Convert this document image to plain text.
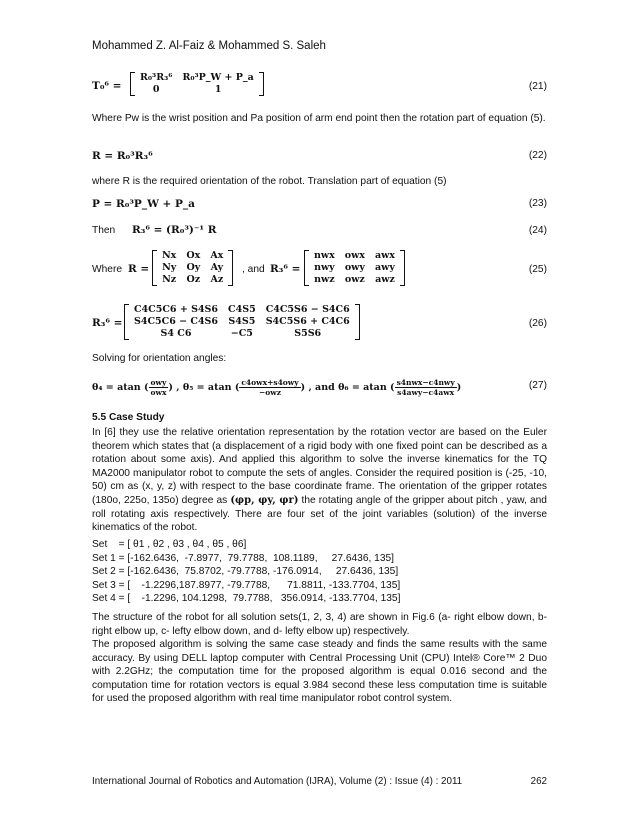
Mohammed Z. Al-Faiz & Mohammed S. Saleh
T₀⁶ =
R₀³R₃⁶	R₀³P_W + P_a
0	1	(21)
Where Pw is the wrist position and Pa position of arm end point then the rotation part of equation (5).
R = R₀³R₃⁶	(22)
where R is the required orientation of the robot. Translation part of equation (5)
P = R₀³P_W + P_a	(23)
Then R₃⁶ = (R₀³)⁻¹ R	(24)
Where R =
Nx	Ox	Ax
Ny	Oy	Ay
Nz	Oz	Az
, and R₃⁶ =
nwx	owx	awx
nwy	owy	awy
nwz	owz	awz
(25)
R₃⁶ =
C4C5C6 + S4S6	C4S5	C4C5S6 − S4C6
S4C5C6 − C4S6	S4S5	S4C5S6 + C4C6
S4 C6	−C5	S5S6
(26)
Solving for orientation angles:
θ₄ = atan ( $\frac{\text{owy}}{\text{owx}}$ ) , θ₅ = atan ( $\frac{\text{c4owx+s4owy}}{\text{−owz}}$ ) , and θ₆ = atan ( $\frac{\text{s4nwx−c4nwy}}{\text{s4awy−c4awx}}$ )	(27)
5.5 Case Study
In [6] they use the relative orientation representation by the rotation vector are based on the Euler theorem which states that (a displacement of a rigid body with one fixed point can be described as a rotation about some axis). And applied this algorithm to solve the inverse kinematics for the TQ MA2000 manipulator robot to compute the sets of angles. Consider the required position is (-25, -10, 50) cm as (x, y, z) with respect to the base coordinate frame. The orientation of the gripper rotates (180o, 225o, 135o) degree as (φp, φy, φr) the rotating angle of the gripper about pitch , yaw, and roll rotating axis respectively. There are four set of the joint variables (solution) of the inverse kinematics of the robot.
Set    = [ θ1 , θ2 , θ3 , θ4 , θ5 , θ6]
Set 1 = [-162.6436,  -7.8977,  79.7788,  108.1189,     27.6436, 135]
Set 2 = [-162.6436,  75.8702, -79.7788, -176.0914,     27.6436, 135]
Set 3 = [    -1.2296,187.8977, -79.7788,      71.8811, -133.7704, 135]
Set 4 = [    -1.2296, 104.1298,  79.7788,   356.0914, -133.7704, 135]
The structure of the robot for all solution sets(1, 2, 3, 4) are shown in Fig.6 (a- right elbow down, b- right elbow up, c- lefty elbow down, and d- lefty elbow up) respectively.
The proposed algorithm is solving the same case steady and finds the same results with the same accuracy. By using DELL laptop computer with Central Processing Unit (CPU) Intel® Core™ 2 Duo with 2.2GHz; the computation time for the proposed algorithm is equal 0.016 second and the computation time for rotation vectors is equal 3.984 second these less computation time is suitable for used the proposed algorithm with real time manipulator robot control system.
International Journal of Robotics and Automation (IJRA), Volume (2) : Issue (4) : 2011	262
